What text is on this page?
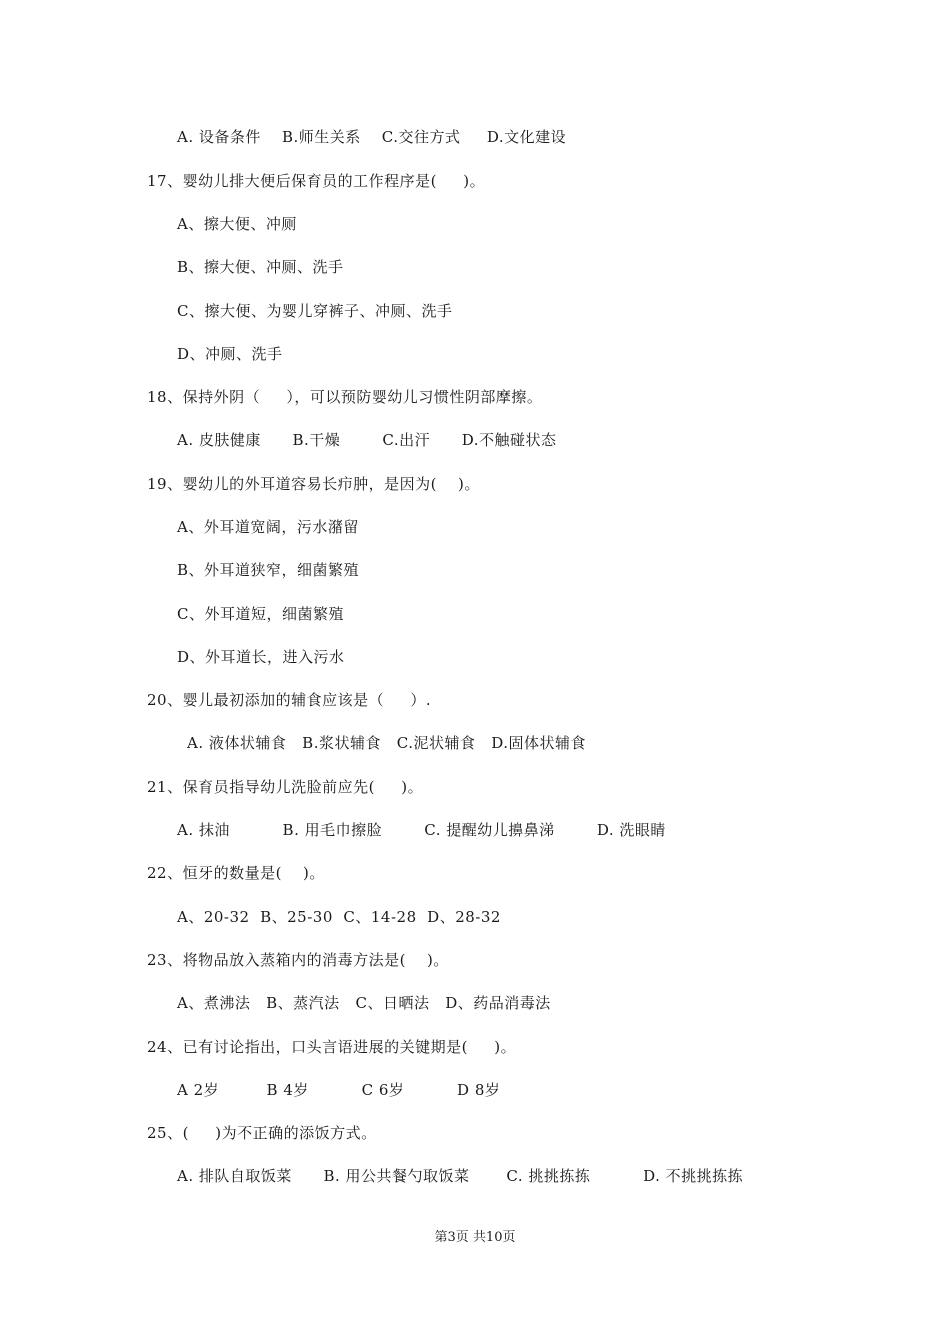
A. 设备条件    B.师生关系    C.交往方式     D.文化建设
17、婴幼儿排大便后保育员的工作程序是(     )。
A、擦大便、冲厕
B、擦大便、冲厕、洗手
C、擦大便、为婴儿穿裤子、冲厕、洗手
D、冲厕、洗手
18、保持外阴（     ），可以预防婴幼儿习惯性阴部摩擦。
A. 皮肤健康      B.干燥        C.出汗      D.不触碰状态
19、婴幼儿的外耳道容易长疖肿，是因为(    )。
A、外耳道宽阔，污水潴留
B、外耳道狭窄，细菌繁殖
C、外耳道短，细菌繁殖
D、外耳道长，进入污水
20、婴儿最初添加的辅食应该是（     ）.
A. 液体状辅食   B.浆状辅食   C.泥状辅食   D.固体状辅食
21、保育员指导幼儿洗脸前应先(     )。
A. 抹油          B. 用毛巾擦脸        C. 提醒幼儿擤鼻涕        D. 洗眼睛
22、恒牙的数量是(    )。
A、20-32  B、25-30  C、14-28  D、28-32
23、将物品放入蒸箱内的消毒方法是(    )。
A、煮沸法   B、蒸汽法   C、日晒法   D、药品消毒法
24、已有讨论指出，口头言语进展的关键期是(     )。
A 2岁         B 4岁          C 6岁          D 8岁
25、(     )为不正确的添饭方式。
A. 排队自取饭菜      B. 用公共餐勺取饭菜       C. 挑挑拣拣          D. 不挑挑拣拣
第3页 共10页
